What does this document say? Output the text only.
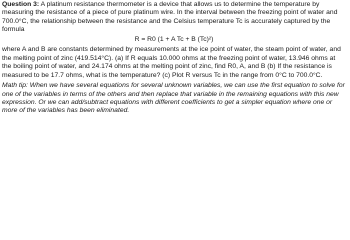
Question 3: A platinum resistance thermometer is a device that allows us to determine the temperature by measuring the resistance of a piece of pure platinum wire. In the interval between the freezing point of water and 700.0°C, the relationship between the resistance and the Celsius temperature Tc is accurately captured by the formula

R = R0 (1 + A Tc + B (Tc)²)

where A and B are constants determined by measurements at the ice point of water, the steam point of water, and the melting point of zinc (419.514°C). (a) If R equals 10.000 ohms at the freezing point of water, 13.946 ohms at the boiling point of water, and 24.174 ohms at the melting point of zinc, find R0, A, and B (b) If the resistance is measured to be 17.7 ohms, what is the temperature? (c) Plot R versus Tc in the range from 0°C to 700.0°C.

Math tip: When we have several equations for several unknown variables, we can use the first equation to solve for one of the variables in terms of the others and then replace that variable in the remaining equations with this new expression. Or we can add/subtract equations with different coefficients to get a simpler equation where one or more of the variables has been eliminated.
